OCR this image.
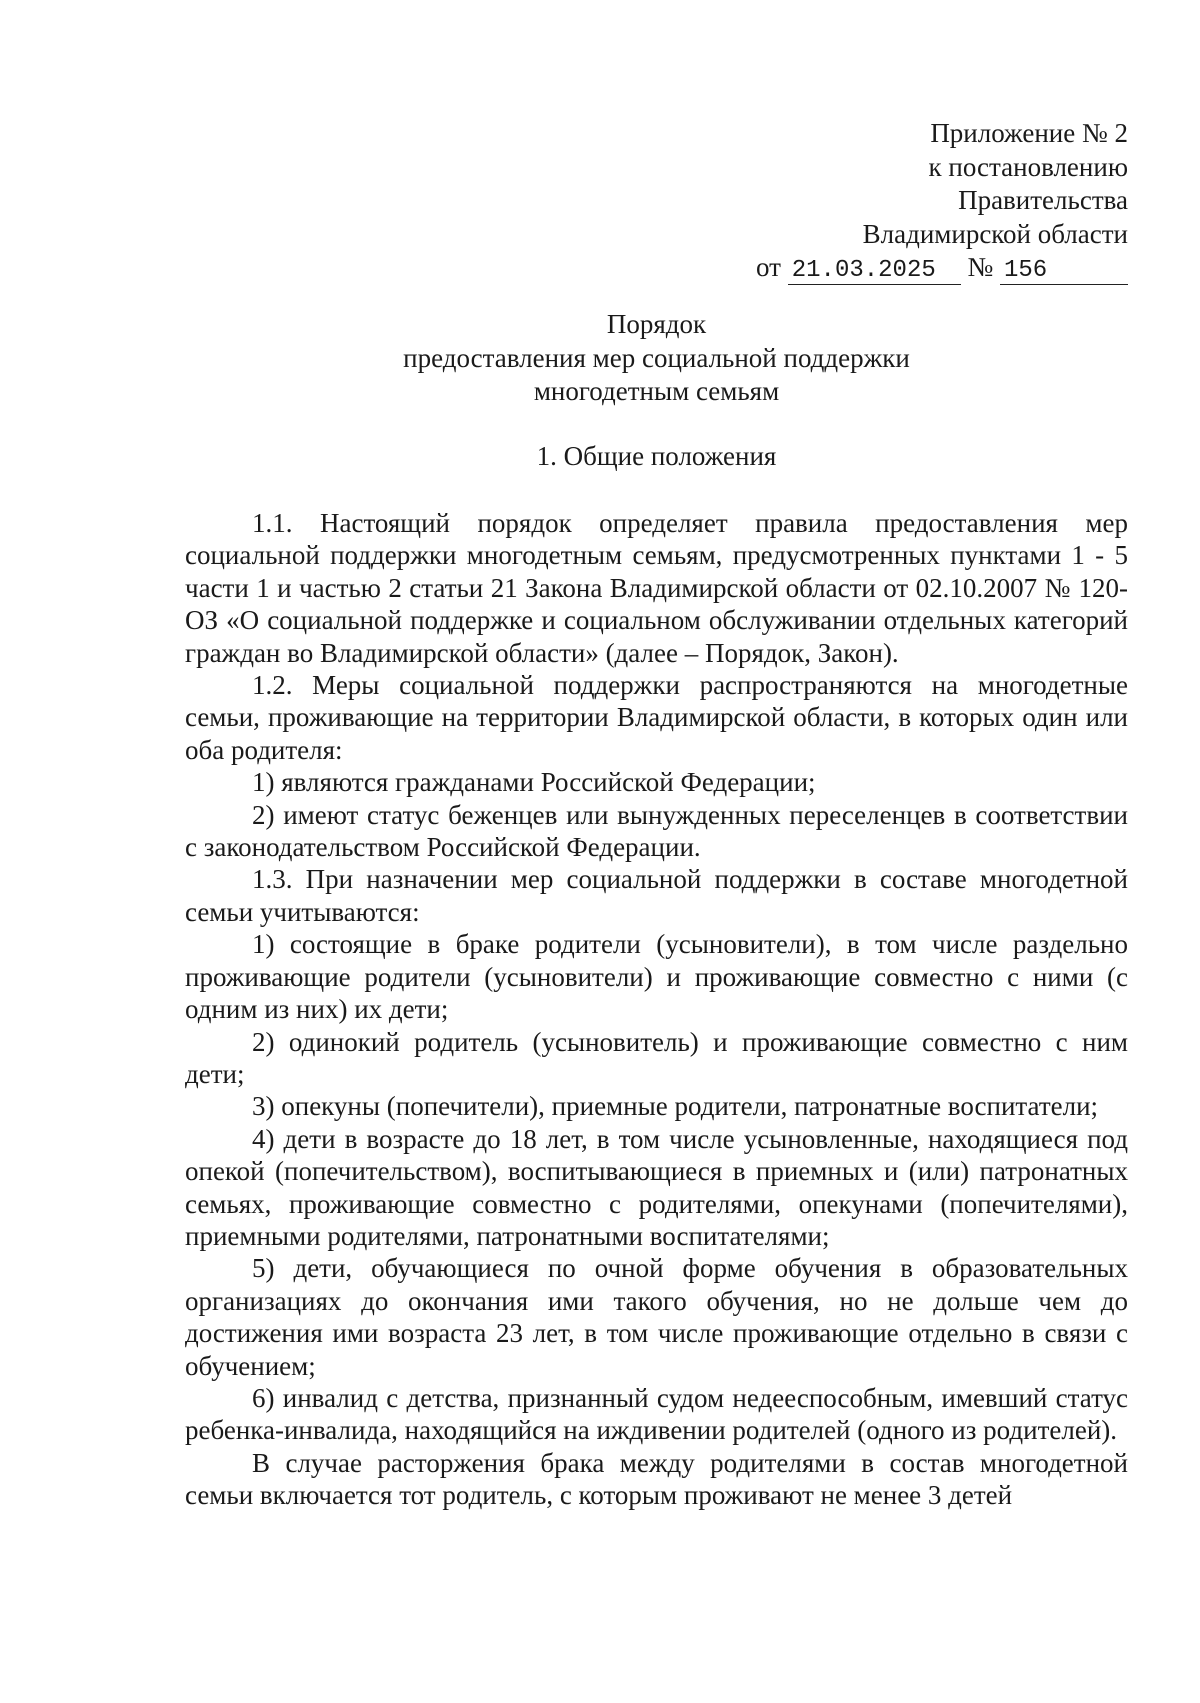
Приложение № 2
к постановлению
Правительства
Владимирской области
от 21.03.2025 № 156
Порядок
предоставления мер социальной поддержки
многодетным семьям
1. Общие положения

1.1. Настоящий порядок определяет правила предоставления мер социальной поддержки многодетным семьям, предусмотренных пунктами 1 - 5 части 1 и частью 2 статьи 21 Закона Владимирской области от 02.10.2007 № 120-ОЗ «О социальной поддержке и социальном обслуживании отдельных категорий граждан во Владимирской области» (далее – Порядок, Закон).

1.2. Меры социальной поддержки распространяются на многодетные семьи, проживающие на территории Владимирской области, в которых один или оба родителя:

1) являются гражданами Российской Федерации;

2) имеют статус беженцев или вынужденных переселенцев в соответствии с законодательством Российской Федерации.

1.3. При назначении мер социальной поддержки в составе многодетной семьи учитываются:

1) состоящие в браке родители (усыновители), в том числе раздельно проживающие родители (усыновители) и проживающие совместно с ними (с одним из них) их дети;

2) одинокий родитель (усыновитель) и проживающие совместно с ним дети;

3) опекуны (попечители), приемные родители, патронатные воспитатели;

4) дети в возрасте до 18 лет, в том числе усыновленные, находящиеся под опекой (попечительством), воспитывающиеся в приемных и (или) патронатных семьях, проживающие совместно с родителями, опекунами (попечителями), приемными родителями, патронатными воспитателями;

5) дети, обучающиеся по очной форме обучения в образовательных организациях до окончания ими такого обучения, но не дольше чем до достижения ими возраста 23 лет, в том числе проживающие отдельно в связи с обучением;

6) инвалид с детства, признанный судом недееспособным, имевший статус ребенка-инвалида, находящийся на иждивении родителей (одного из родителей).

В случае расторжения брака между родителями в состав многодетной семьи включается тот родитель, с которым проживают не менее 3 детей
